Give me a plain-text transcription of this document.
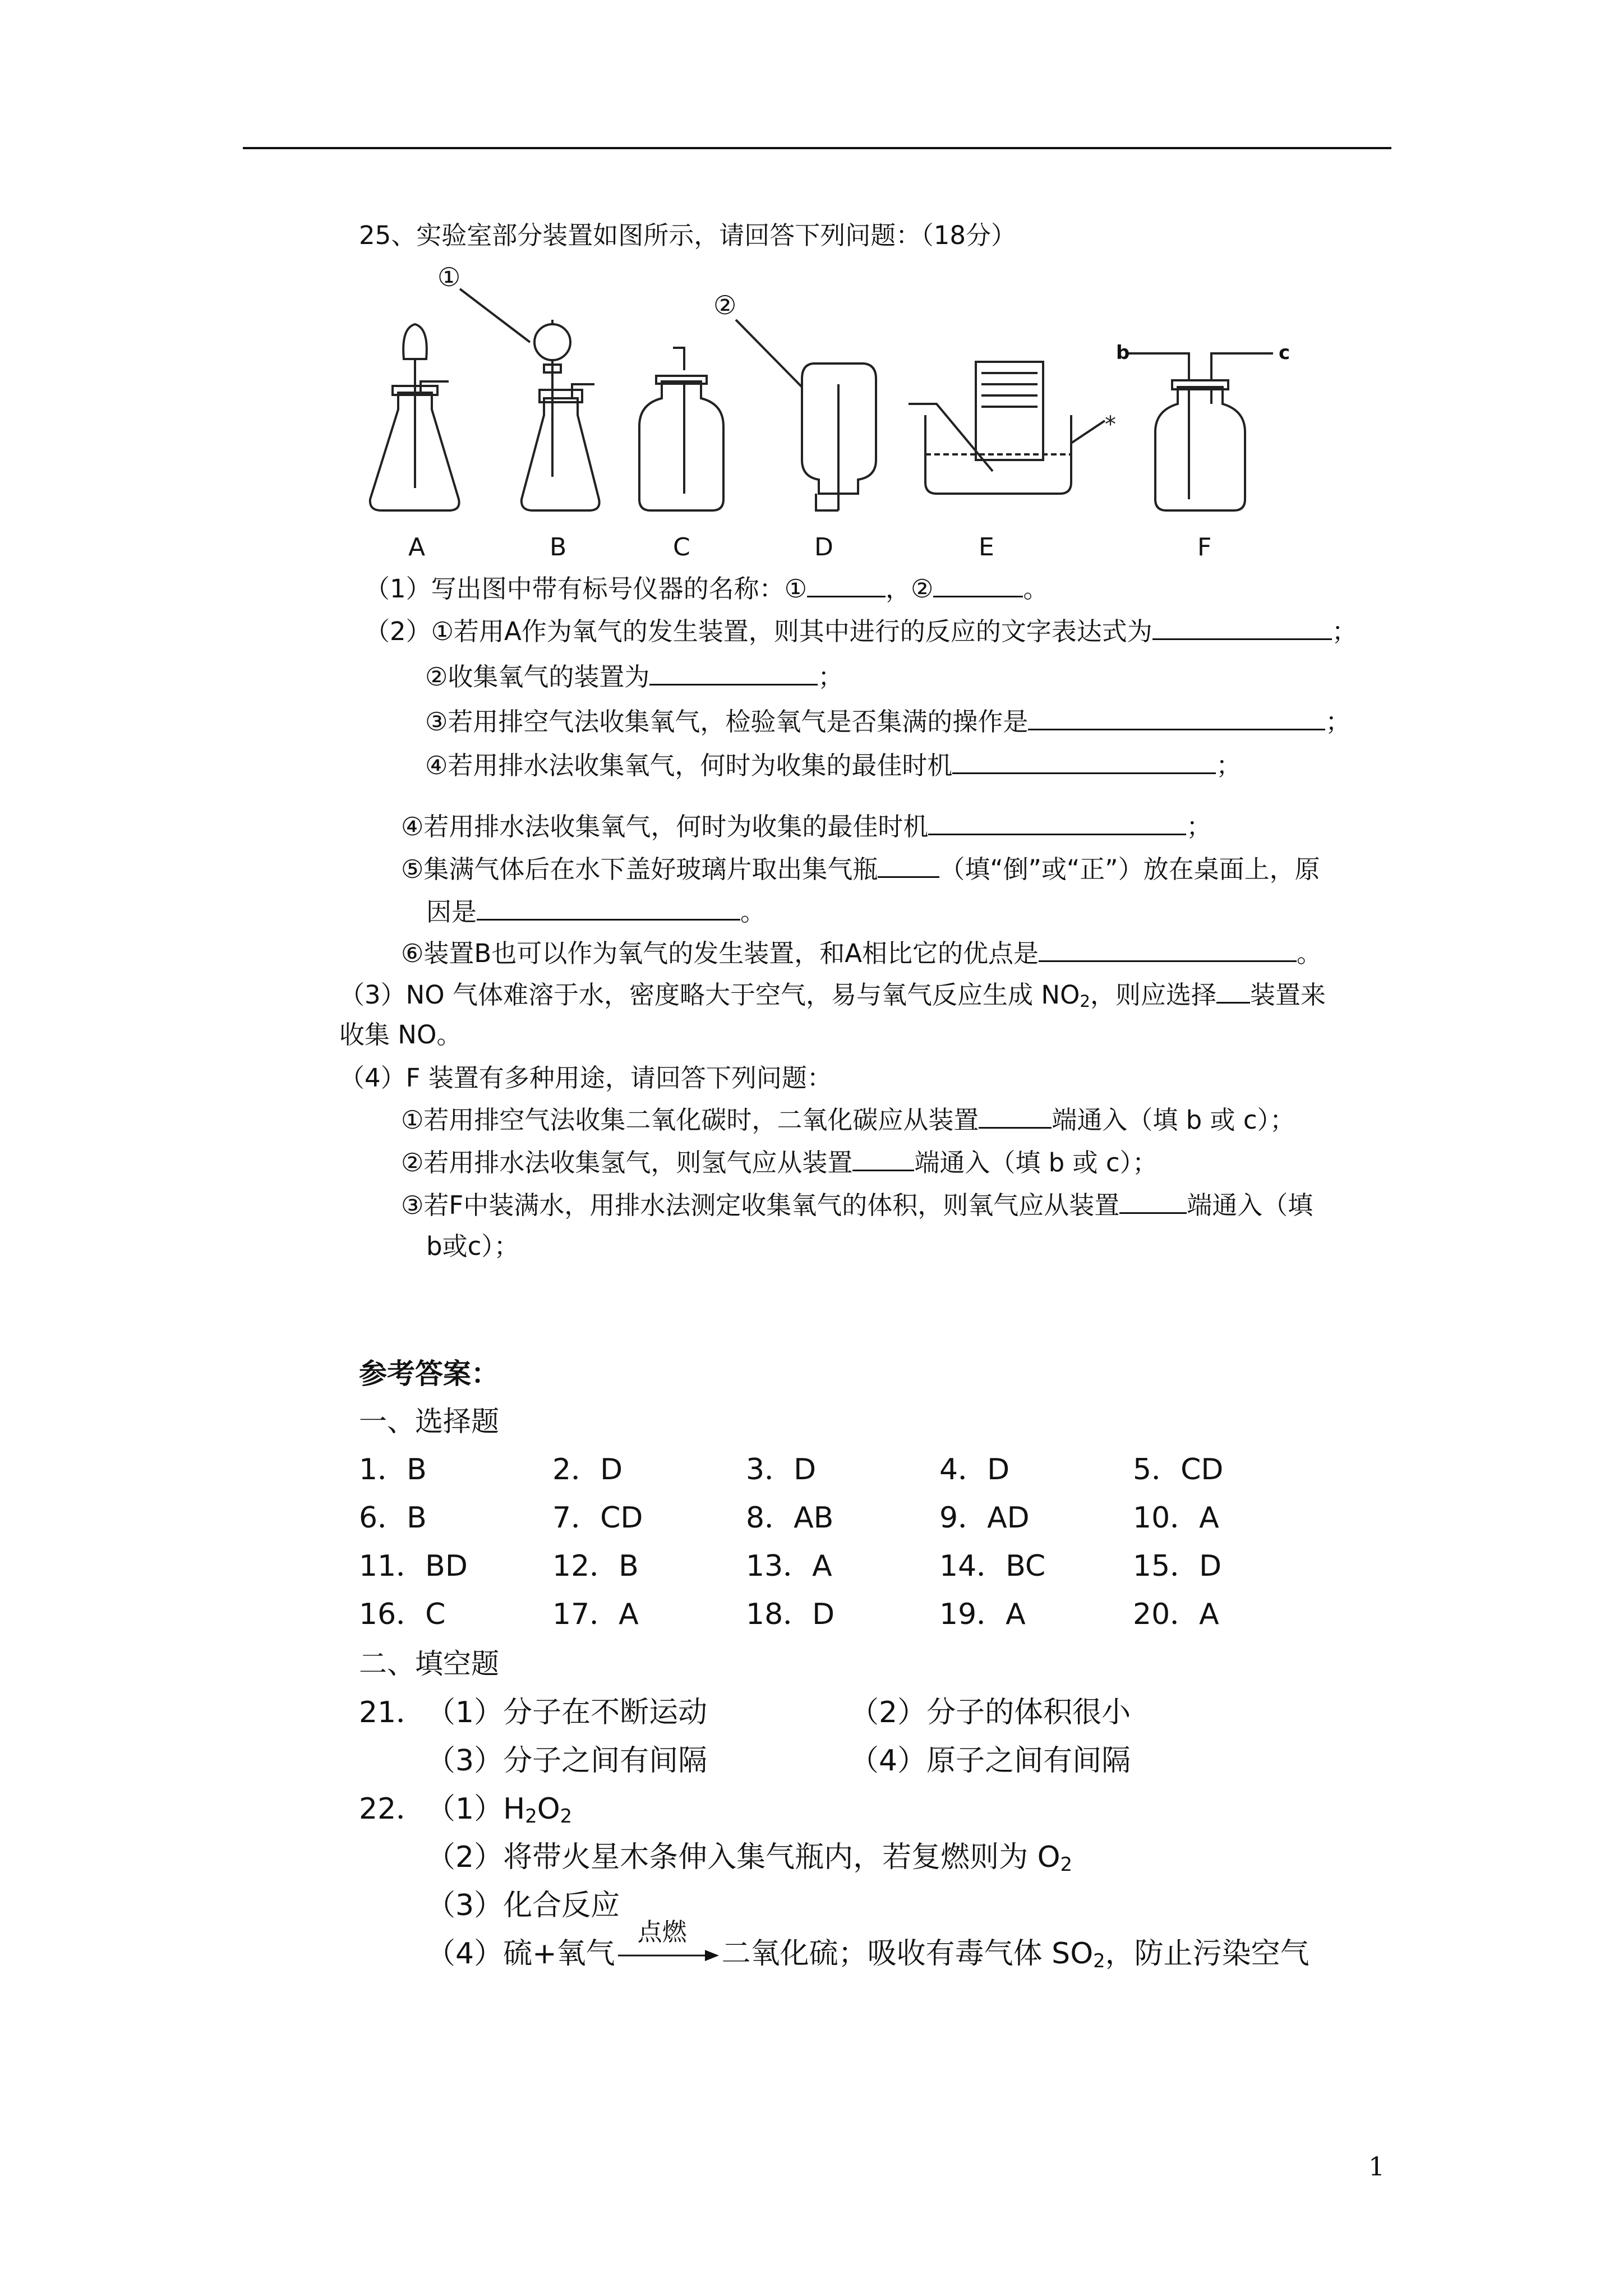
25、实验室部分装置如图所示，请回答下列问题：（18分）
*
①
②
b	c
A	B	C	D	E	F
（1）写出图中带有标号仪器的名称：①	，②	。
（2）①若用A作为氧气的发生装置，则其中进行的反应的文字表达式为	；
②收集氧气的装置为	；
③若用排空气法收集氧气，检验氧气是否集满的操作是	；
④若用排水法收集氧气，何时为收集的最佳时机	；
④若用排水法收集氧气，何时为收集的最佳时机	；
⑤集满气体后在水下盖好玻璃片取出集气瓶 （填“倒”或“正”）放在桌面上，原
因是	。
⑥装置B也可以作为氧气的发生装置，和A相比它的优点是	。
（3）NO 气体难溶于水，密度略大于空气，易与氧气反应生成 $NO_2$，则应选择 装置来
收集 NO。
（4）F 装置有多种用途，请回答下列问题：
①若用排空气法收集二氧化碳时，二氧化碳应从装置	端通入（填 b 或 c）；
②若用排水法收集氢气，则氢气应从装置 端通入（填 b 或 c）；
③若F中装满水，用排水法测定收集氧气的体积，则氧气应从装置	端通入（填
b或c）；
参考答案：
一、选择题
1．B	2．D	3．D	4．D	5．CD
6．B	7．CD	8．AB	9．AD	10．A
11．BD	12．B	13．A	14．BC	15．D
16．C	17．A	18．D	19．A	20．A
二、填空题
21． （1）分子在不断运动	（2）分子的体积很小
（3）分子之间有间隔	（4）原子之间有间隔
22． $(1)H_2O_2$
（2）将带火星木条伸入集气瓶内，若复燃则为 $O_2$
（3）化合反应
（4）硫+氧气
点燃
二氧化硫；吸收有毒气体 $SO_2$，防止污染空气
1
